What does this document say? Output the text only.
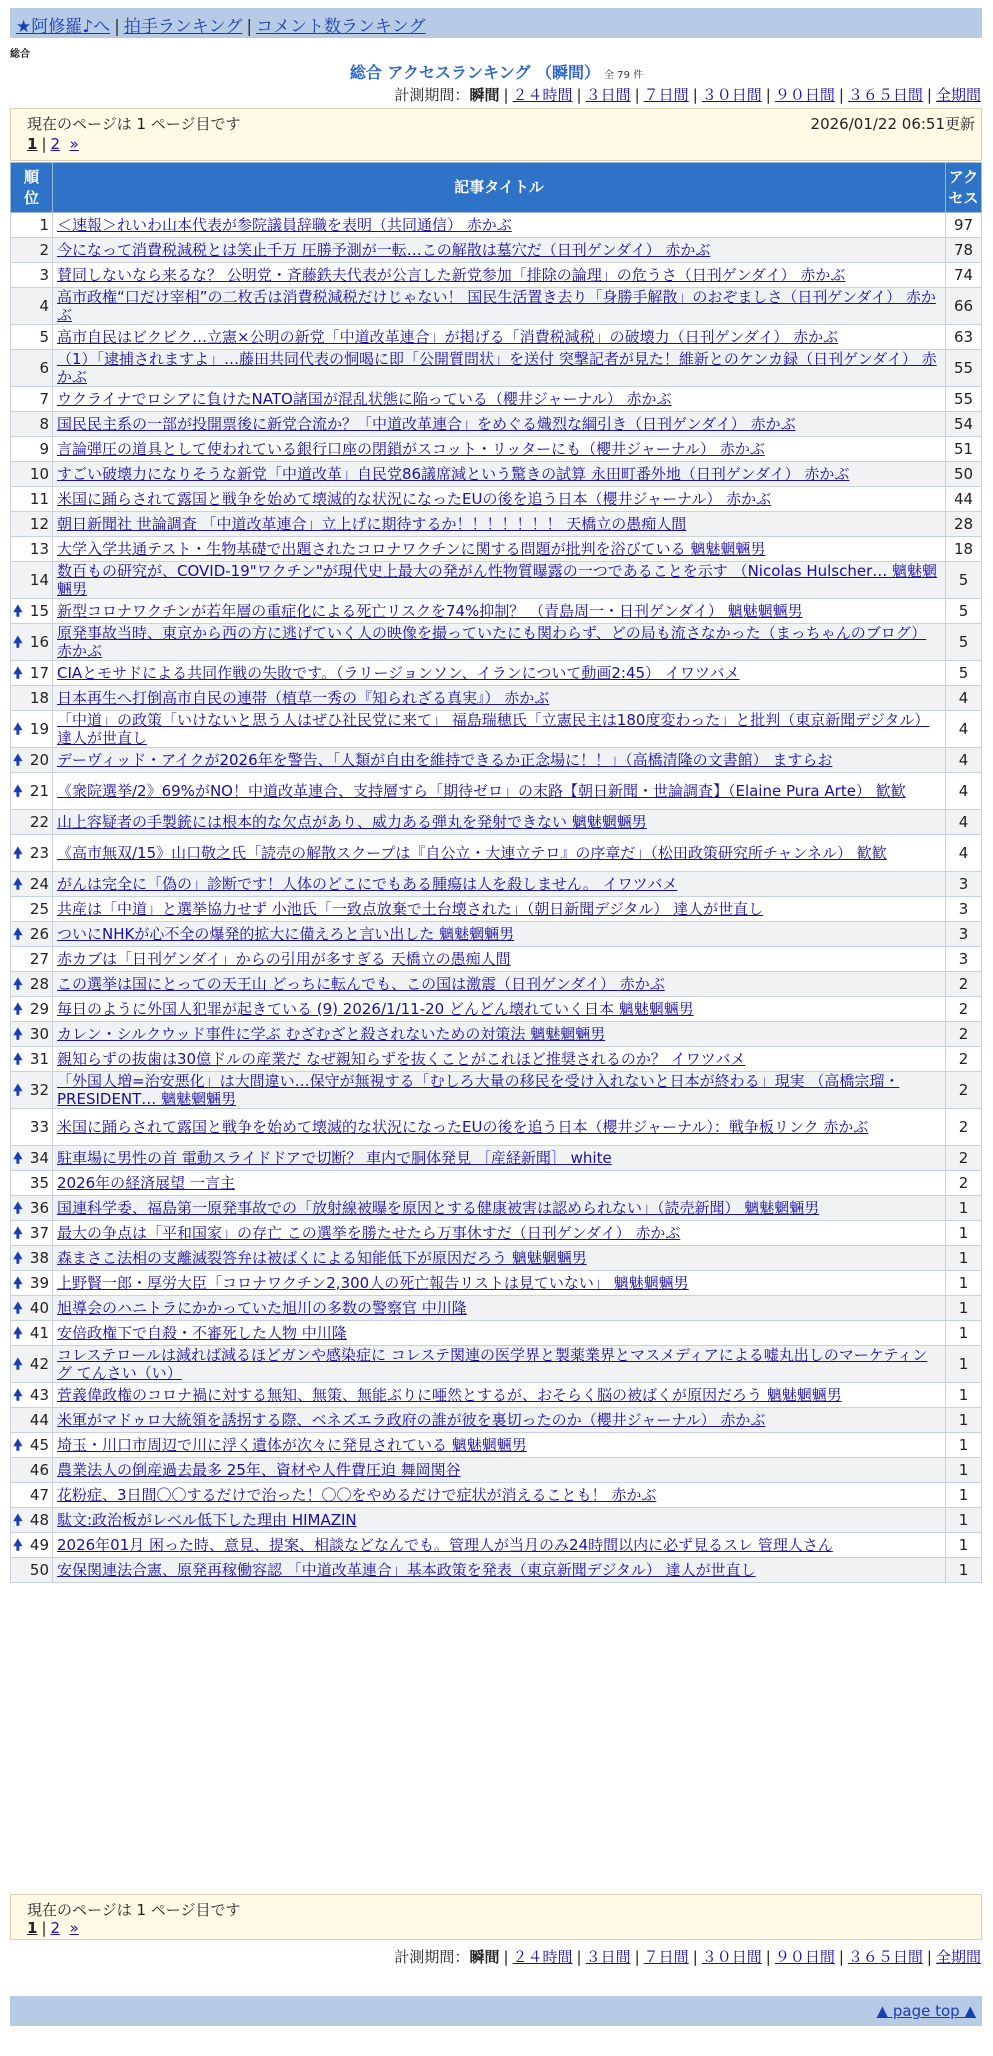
★阿修羅♪へ | 拍手ランキング | コメント数ランキング
総合
総合 アクセスランキング （瞬間） 全 79 件
計測期間：瞬間 | ２４時間 | ３日間 | ７日間 | ３０日間 | ９０日間 | ３６５日間 | 全期間
現在のページは 1 ページ目です	2026/01/22 06:51更新
1 | 2 »
順位	記事タイトル	アクセス
1	＜速報＞れいわ山本代表が参院議員辞職を表明（共同通信） 赤かぶ	97
2	今になって消費税減税とは笑止千万 圧勝予測が一転…この解散は墓穴だ（日刊ゲンダイ） 赤かぶ	78
3	賛同しないなら来るな？ 公明党・斉藤鉄夫代表が公言した新党参加「排除の論理」の危うさ（日刊ゲンダイ） 赤かぶ	74
4	高市政権“口だけ宰相”の二枚舌は消費税減税だけじゃない！ 国民生活置き去り「身勝手解散」のおぞましさ（日刊ゲンダイ） 赤かぶ	66
5	高市自民はビクビク…立憲×公明の新党「中道改革連合」が掲げる「消費税減税」の破壊力（日刊ゲンダイ） 赤かぶ	63
6	（1）「逮捕されますよ」…藤田共同代表の恫喝に即「公開質問状」を送付 突撃記者が見た！維新とのケンカ録（日刊ゲンダイ） 赤かぶ	55
7	ウクライナでロシアに負けたNATO諸国が混乱状態に陥っている（櫻井ジャーナル） 赤かぶ	55
8	国民民主系の一部が投開票後に新党合流か？「中道改革連合」をめぐる熾烈な綱引き（日刊ゲンダイ） 赤かぶ	54
9	言論弾圧の道具として使われている銀行口座の閉鎖がスコット・リッターにも（櫻井ジャーナル） 赤かぶ	51
10	すごい破壊力になりそうな新党「中道改革」自民党86議席減という驚きの試算 永田町番外地（日刊ゲンダイ） 赤かぶ	50
11	米国に踊らされて露国と戦争を始めて壊滅的な状況になったEUの後を追う日本（櫻井ジャーナル） 赤かぶ	44
12	朝日新聞社 世論調査 「中道改革連合」立上げに期待するか！！！！！！！ 天橋立の愚痴人間	28
13	大学入学共通テスト・生物基礎で出題されたコロナワクチンに関する問題が批判を浴びている 魑魅魍魎男	18
14	数百もの研究が、COVID-19"ワクチン"が現代史上最大の発がん性物質曝露の一つであることを示す （Nicolas Hulscher… 魑魅魍魎男	5

🠝 15	新型コロナワクチンが若年層の重症化による死亡リスクを74%抑制？ （青島周一・日刊ゲンダイ） 魑魅魍魎男	5

🠝 16	原発事故当時、東京から西の方に逃げていく人の映像を撮っていたにも関わらず、どの局も流さなかった（まっちゃんのブログ） 赤かぶ	5

🠝 17	CIAとモサドによる共同作戦の失敗です。（ラリージョンソン、イランについて動画2:45） イワツバメ	5
18	日本再生へ打倒高市自民の連帯（植草一秀の『知られざる真実』） 赤かぶ	4

🠝 19	「中道」の政策「いけないと思う人はぜひ社民党に来て」 福島瑞穂氏「立憲民主は180度変わった」と批判（東京新聞デジタル） 達人が世直し	4

🠝 20	デーヴィッド・アイクが2026年を警告、「人類が自由を維持できるか正念場に！！」（高橋清隆の文書館） ますらお	4

🠝 21	《衆院選挙/2》69%がNO！中道改革連合、支持層すら「期待ゼロ」の末路【朝日新聞・世論調査】（Elaine Pura Arte） 歓歓	4
22	山上容疑者の手製銃には根本的な欠点があり、威力ある弾丸を発射できない 魑魅魍魎男	4

🠝 23	《高市無双/15》山口敬之氏「読売の解散スクープは『自公立・大連立テロ』の序章だ」（松田政策研究所チャンネル） 歓歓	4

🠝 24	がんは完全に「偽の」診断です！人体のどこにでもある腫瘍は人を殺しません。 イワツバメ	3
25	共産は「中道」と選挙協力せず 小池氏「一致点放棄で土台壊された」（朝日新聞デジタル） 達人が世直し	3

🠝 26	ついにNHKが心不全の爆発的拡大に備えろと言い出した 魑魅魍魎男	3
27	赤カブは「日刊ゲンダイ」からの引用が多すぎる 天橋立の愚痴人間	3

🠝 28	この選挙は国にとっての天王山 どっちに転んでも、この国は激震（日刊ゲンダイ） 赤かぶ	2

🠝 29	毎日のように外国人犯罪が起きている (9) 2026/1/11-20 どんどん壊れていく日本 魑魅魍魎男	2

🠝 30	カレン・シルクウッド事件に学ぶ むざむざと殺されないための対策法 魑魅魍魎男	2

🠝 31	親知らずの抜歯は30億ドルの産業だ なぜ親知らずを抜くことがこれほど推奨されるのか？ イワツバメ	2

🠝 32	「外国人増=治安悪化」は大間違い…保守が無視する「むしろ大量の移民を受け入れないと日本が終わる」現実 （高橋宗瑠・PRESIDENT… 魑魅魍魎男	2
33	米国に踊らされて露国と戦争を始めて壊滅的な状況になったEUの後を追う日本（櫻井ジャーナル）：戦争板リンク 赤かぶ	2

🠝 34	駐車場に男性の首 電動スライドドアで切断？ 車内で胴体発見 ［産経新聞］ white	2
35	2026年の経済展望 一言主	2

🠝 36	国連科学委、福島第一原発事故での「放射線被曝を原因とする健康被害は認められない」（読売新聞） 魑魅魍魎男	1

🠝 37	最大の争点は「平和国家」の存亡 この選挙を勝たせたら万事休すだ（日刊ゲンダイ） 赤かぶ	1

🠝 38	森まさこ法相の支離滅裂答弁は被ばくによる知能低下が原因だろう 魑魅魍魎男	1

🠝 39	上野賢一郎・厚労大臣「コロナワクチン2,300人の死亡報告リストは見ていない」 魑魅魍魎男	1

🠝 40	旭導会のハニトラにかかっていた旭川の多数の警察官 中川隆	1

🠝 41	安倍政権下で自殺・不審死した人物 中川隆	1

🠝 42	コレステロールは減れば減るほどガンや感染症に コレステ関連の医学界と製薬業界とマスメディアによる嘘丸出しのマーケティング てんさい（い）	1

🠝 43	菅義偉政権のコロナ禍に対する無知、無策、無能ぶりに唖然とするが、おそらく脳の被ばくが原因だろう 魑魅魍魎男	1
44	米軍がマドゥロ大統領を誘拐する際、ベネズエラ政府の誰が彼を裏切ったのか（櫻井ジャーナル） 赤かぶ	1

🠝 45	埼玉・川口市周辺で川に浮く遺体が次々に発見されている 魑魅魍魎男	1
46	農業法人の倒産過去最多 25年、資材や人件費圧迫 舞岡関谷	1
47	花粉症、3日間〇〇するだけで治った！〇〇をやめるだけで症状が消えることも！ 赤かぶ	1

🠝 48	駄文:政治板がレベル低下した理由 HIMAZIN	1

🠝 49	2026年01月 困った時、意見、提案、相談などなんでも。管理人が当月のみ24時間以内に必ず見るスレ 管理人さん	1
50	安保関連法合憲、原発再稼働容認 「中道改革連合」基本政策を発表（東京新聞デジタル） 達人が世直し	1
現在のページは 1 ページ目です
1 | 2 »
計測期間：瞬間 | ２４時間 | ３日間 | ７日間 | ３０日間 | ９０日間 | ３６５日間 | 全期間
▲ page top ▲
